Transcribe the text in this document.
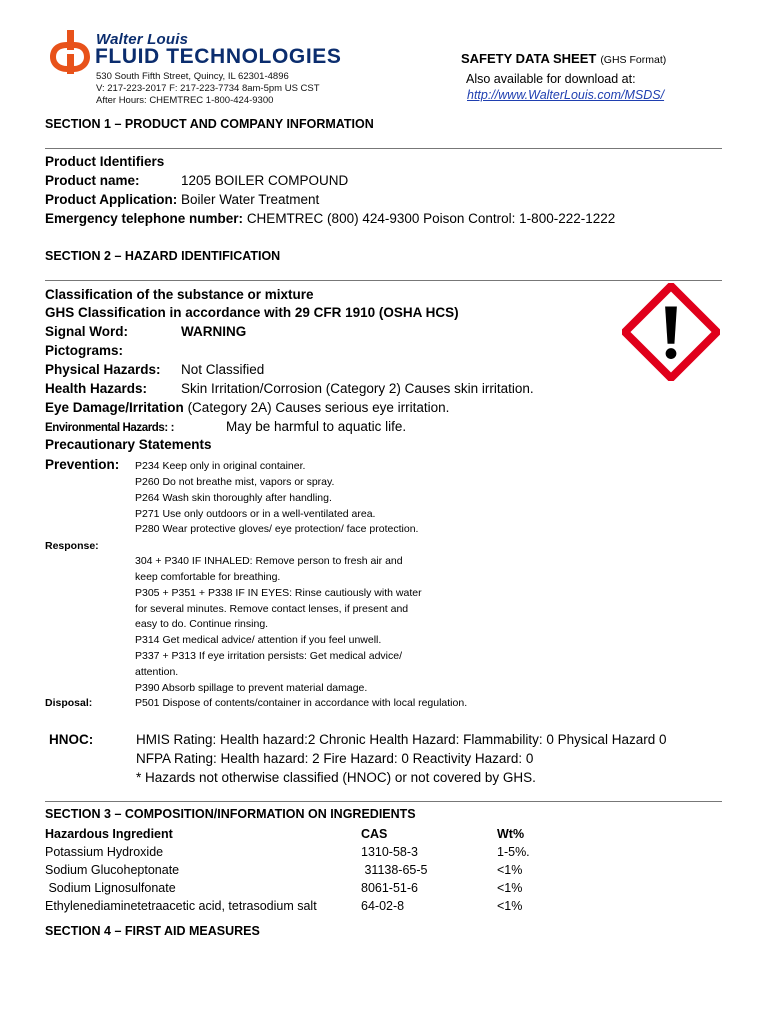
Walter Louis
FLUID TECHNOLOGIES
530 South Fifth Street, Quincy, IL 62301-4896
V: 217-223-2017 F: 217-223-7734 8am-5pm US CST
After Hours: CHEMTREC 1-800-424-9300
SAFETY DATA SHEET (GHS Format)
Also available for download at:
http://www.WalterLouis.com/MSDS/
SECTION 1 – PRODUCT AND COMPANY INFORMATION
Product Identifiers
Product name:	1205 BOILER COMPOUND
Product Application: Boiler Water Treatment
Emergency telephone number: CHEMTREC (800) 424-9300 Poison Control: 1-800-222-1222
SECTION 2 – HAZARD IDENTIFICATION
Classification of the substance or mixture
GHS Classification in accordance with 29 CFR 1910 (OSHA HCS)
Signal Word:	WARNING
Pictograms:
Physical Hazards: Not Classified
Health Hazards:	Skin Irritation/Corrosion (Category 2) Causes skin irritation.
Eye Damage/Irritation (Category 2A) Causes serious eye irritation.
Environmental Hazards: :	May be harmful to aquatic life.
Precautionary Statements
Prevention: P234 Keep only in original container.
P260 Do not breathe mist, vapors or spray.
P264 Wash skin thoroughly after handling.
P271 Use only outdoors or in a well-ventilated area.
P280 Wear protective gloves/ eye protection/ face protection.
Response:
304 + P340 IF INHALED: Remove person to fresh air and
keep comfortable for breathing.
P305 + P351 + P338 IF IN EYES: Rinse cautiously with water
for several minutes. Remove contact lenses, if present and
easy to do. Continue rinsing.
P314 Get medical advice/ attention if you feel unwell.
P337 + P313 If eye irritation persists: Get medical advice/
attention.
P390 Absorb spillage to prevent material damage.
Disposal:	P501 Dispose of contents/container in accordance with local regulation.
HNOC:	HMIS Rating: Health hazard:2 Chronic Health Hazard: Flammability: 0 Physical Hazard 0
NFPA Rating: Health hazard: 2 Fire Hazard: 0 Reactivity Hazard: 0
* Hazards not otherwise classified (HNOC) or not covered by GHS.
SECTION 3 – COMPOSITION/INFORMATION ON INGREDIENTS
Hazardous Ingredient	CAS	Wt%
Potassium Hydroxide	1310-58-3	1-5%.
Sodium Glucoheptonate	31138-65-5	<1%
Sodium Lignosulfonate	8061-51-6	<1%
Ethylenediaminetetraacetic acid, tetrasodium salt	64-02-8	<1%
SECTION 4 – FIRST AID MEASURES
